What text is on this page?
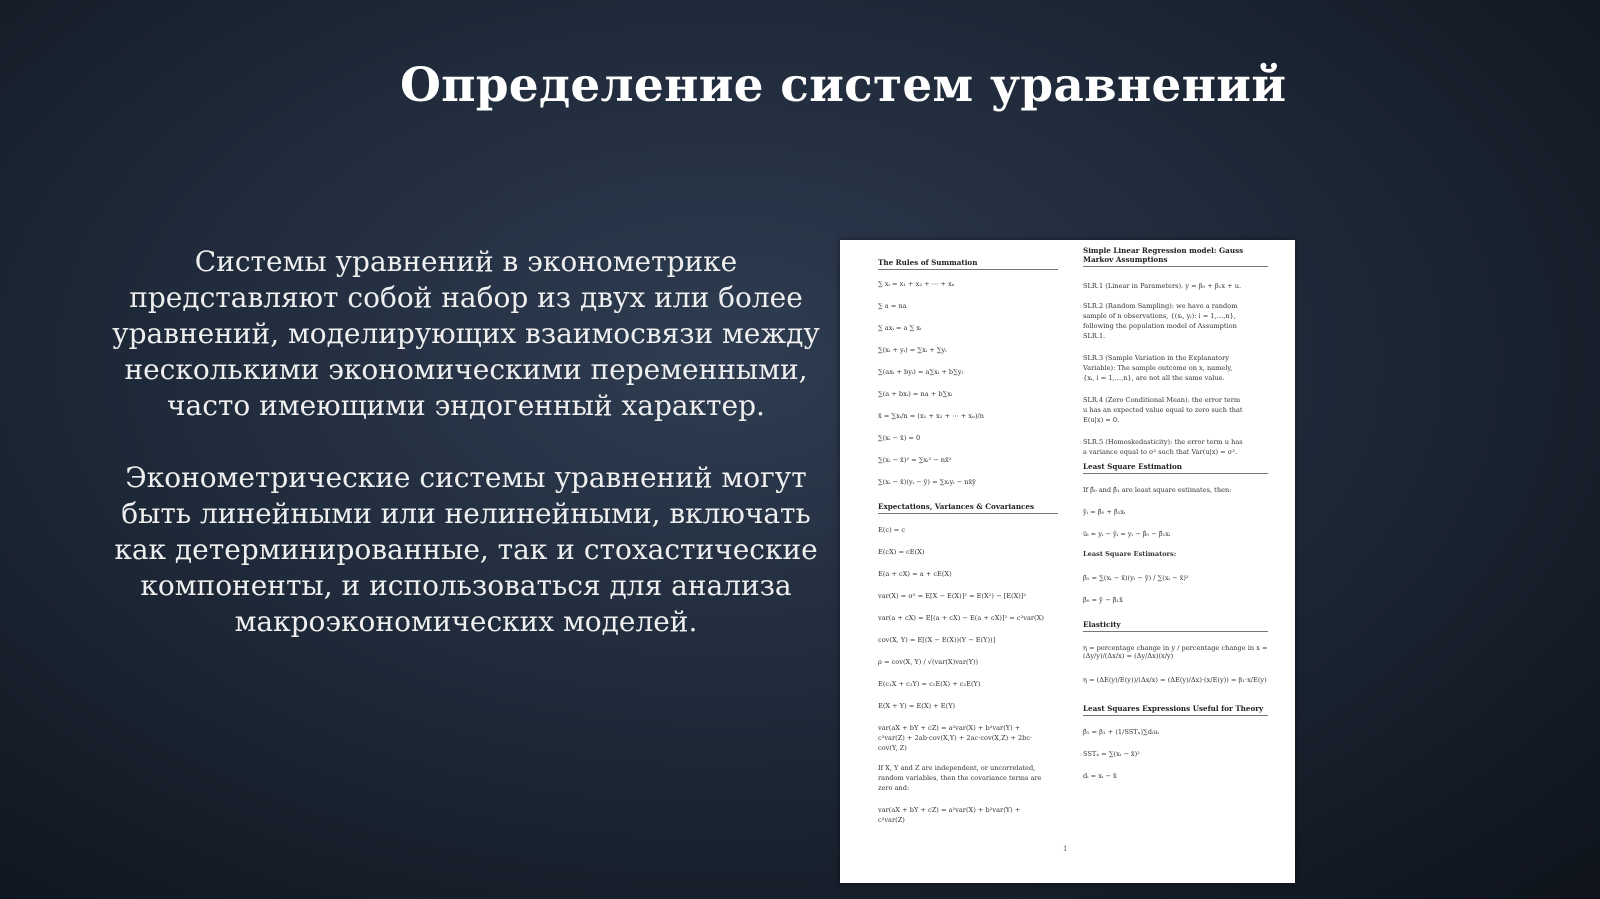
Определение систем уравнений

Системы уравнений в эконометрике представляют собой набор из двух или более уравнений, моделирующих взаимосвязи между несколькими экономическими переменными, часто имеющими эндогенный характер.

Эконометрические системы уравнений могут быть линейными или нелинейными, включать как детерминированные, так и стохастические компоненты, и использоваться для анализа макроэкономических моделей.

The Rules of Summation
∑ xᵢ = x₁ + x₂ + ⋯ + xₙ
∑ a = na
∑ axᵢ = a ∑ xᵢ
∑(xᵢ + yᵢ) = ∑xᵢ + ∑yᵢ
∑(axᵢ + byᵢ) = a∑xᵢ + b∑yᵢ
∑(a + bxᵢ) = na + b∑xᵢ
x̄ = ∑xᵢ/n = (x₁ + x₂ + ⋯ + xₙ)/n
∑(xᵢ − x̄) = 0
∑(xᵢ − x̄)² = ∑xᵢ² − nx̄²
∑(xᵢ − x̄)(yᵢ − ȳ) = ∑xᵢyᵢ − nx̄ȳ
Expectations, Variances & Covariances
E(c) = c
E(cX) = cE(X)
E(a + cX) = a + cE(X)
var(X) = σ² = E[X − E(X)]² = E(X²) − [E(X)]²
var(a + cX) = E[(a + cX) − E(a + cX)]² = c²var(X)
cov(X, Y) = E[(X − E(X))(Y − E(Y))]
ρ = cov(X, Y) / √(var(X)var(Y))
E(c₁X + c₂Y) = c₁E(X) + c₂E(Y)
E(X + Y) = E(X) + E(Y)
var(aX + bY + cZ) = a²var(X) + b²var(Y) +
c²var(Z) + 2ab·cov(X,Y) + 2ac·cov(X,Z) + 2bc·
cov(Y, Z)
If X, Y and Z are independent, or uncorrelated,
random variables, then the covariance terms are
zero and:
var(aX + bY + cZ) = a²var(X) + b²var(Y) +
c²var(Z)
Simple Linear Regression model: Gauss Markov Assumptions
SLR.1 (Linear in Parameters). y = β₀ + β₁x + u.
SLR.2 (Random Sampling): we have a random
sample of n observations, {(xᵢ, yᵢ): i = 1,…,n},
following the population model of Assumption
SLR.1.
SLR.3 (Sample Variation in the Explanatory
Variable): The sample outcome on x, namely,
{xᵢ, i = 1,…,n}, are not all the same value.
SLR.4 (Zero Conditional Mean). the error term
u has an expected value equal to zero such that
E(u|x) = 0.
SLR.5 (Homoskedasticity): the error term u has
a variance equal to σ² such that Var(u|x) = σ².
Least Square Estimation
If β̂₀ and β̂₁ are least square estimates, then:
ŷᵢ = β̂₀ + β̂₁xᵢ
ûᵢ = yᵢ − ŷᵢ = yᵢ − β̂₀ − β̂₁xᵢ
Least Square Estimators:
β̂₁ = ∑(xᵢ − x̄)(yᵢ − ȳ) / ∑(xᵢ − x̄)²
β̂₀ = ȳ − β̂₁x̄
Elasticity
η = percentage change in y / percentage change in x = (Δy/y)/(Δx/x) = (Δy/Δx)(x/y)
η = (ΔE(y)/E(y))/(Δx/x) = (ΔE(y)/Δx)·(x/E(y)) = β₁·x/E(y)
Least Squares Expressions Useful for Theory
β̂₁ = β₁ + (1/SSTₓ)∑dᵢuᵢ
SSTₓ = ∑(xᵢ − x̄)²
dᵢ = xᵢ − x̄
1
